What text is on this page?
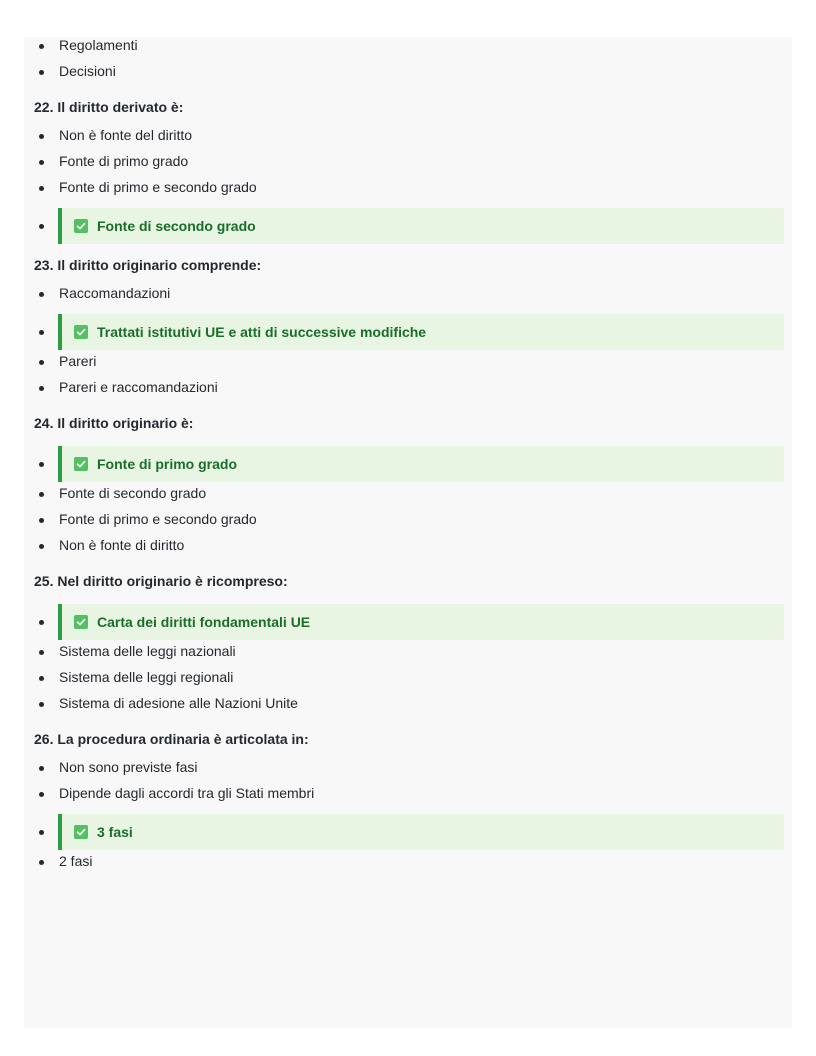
Regolamenti
Decisioni
22. Il diritto derivato è:
Non è fonte del diritto
Fonte di primo grado
Fonte di primo e secondo grado
Fonte di secondo grado
23. Il diritto originario comprende:
Raccomandazioni
Trattati istitutivi UE e atti di successive modifiche
Pareri
Pareri e raccomandazioni
24. Il diritto originario è:
Fonte di primo grado
Fonte di secondo grado
Fonte di primo e secondo grado
Non è fonte di diritto
25. Nel diritto originario è ricompreso:
Carta dei diritti fondamentali UE
Sistema delle leggi nazionali
Sistema delle leggi regionali
Sistema di adesione alle Nazioni Unite
26. La procedura ordinaria è articolata in:
Non sono previste fasi
Dipende dagli accordi tra gli Stati membri
3 fasi
2 fasi
